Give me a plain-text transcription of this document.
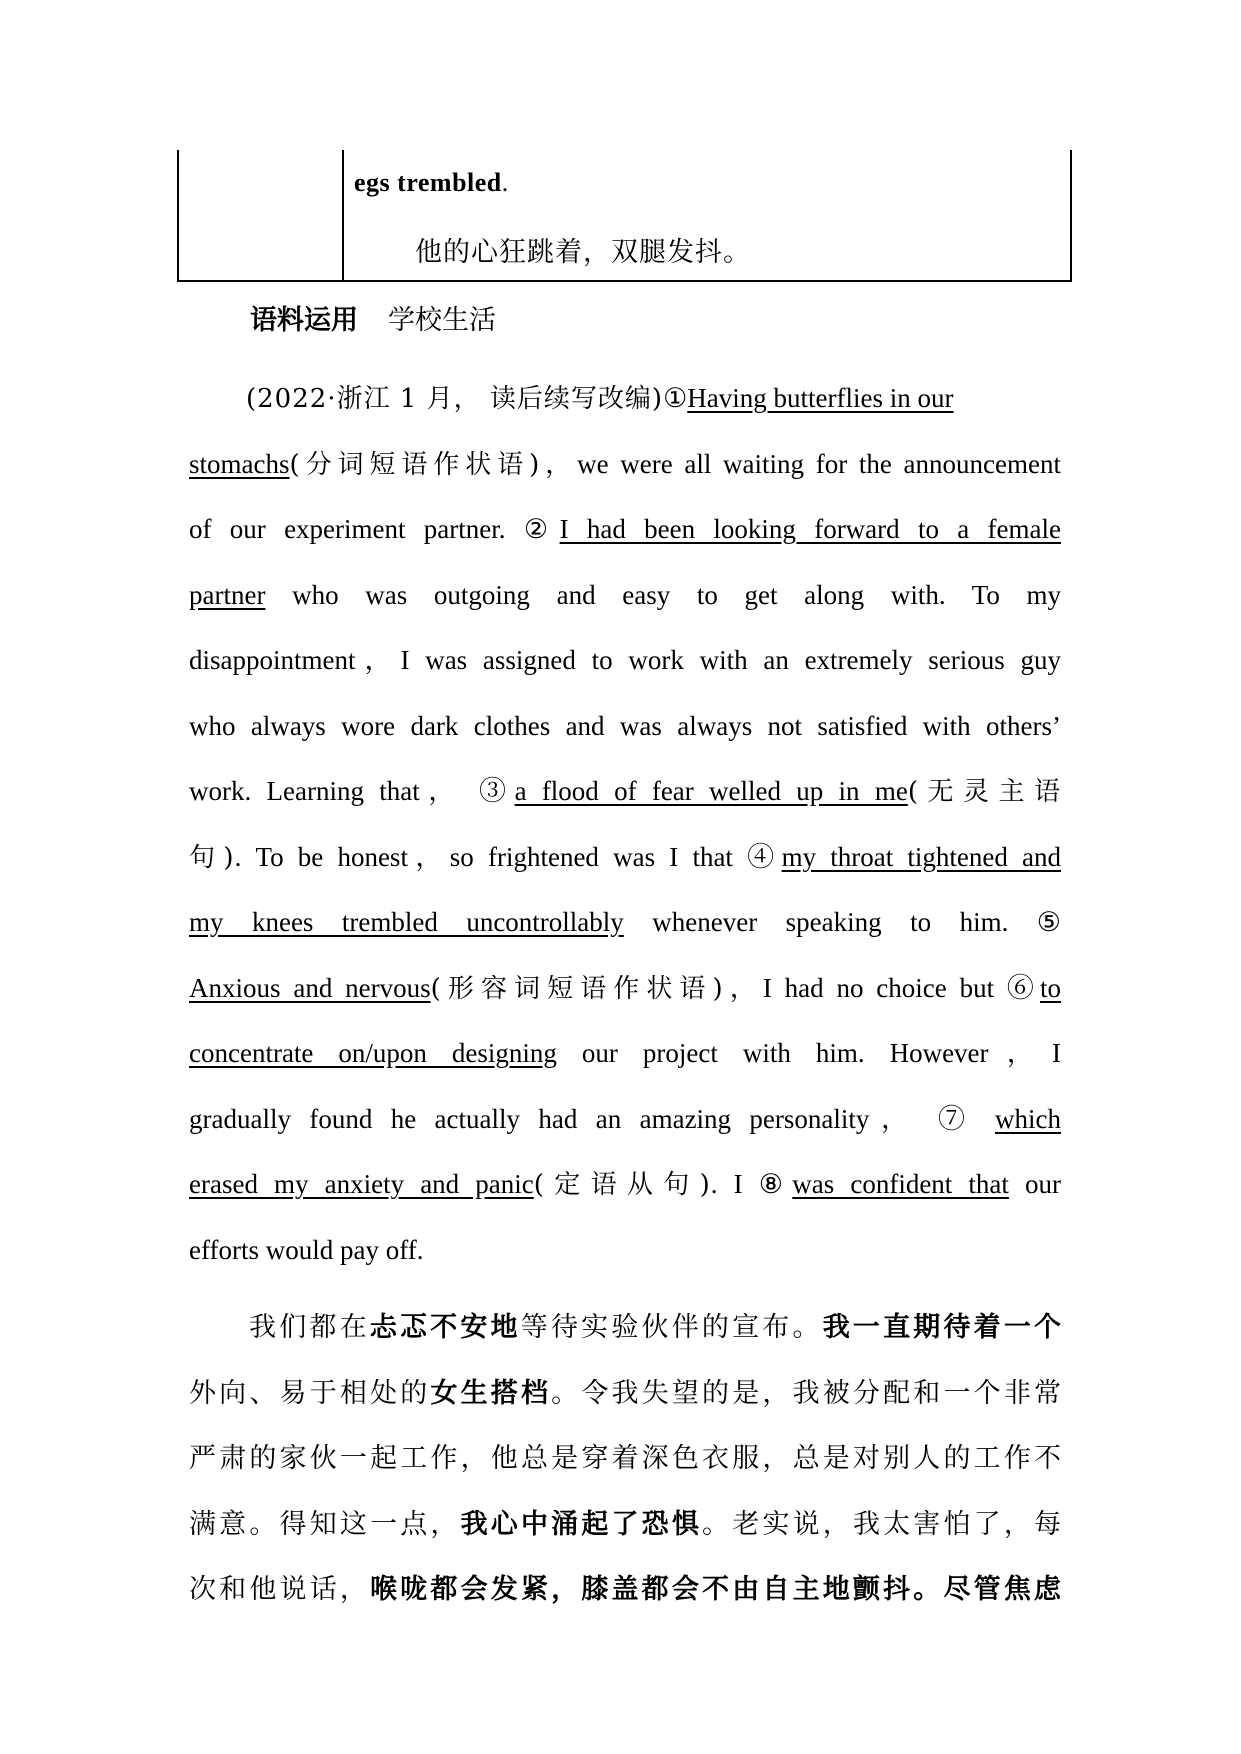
egs trembled.
他的心狂跳着，双腿发抖。
语料运用 学校生活
(2022·浙江 1 月， 读后续写改编)①Having butterflies in our
stomachs(分词短语作状语)，we were all waiting for the announcement
of our experiment partner. ②I had been looking forward to a female
partner who was outgoing and easy to get along with. To my
disappointment，I was assigned to work with an extremely serious guy
who always wore dark clothes and was always not satisfied with others’
work. Learning that， ③a flood of fear welled up in me(无灵主语
句). To be honest，so frightened was I that ④my throat tightened and
my knees trembled uncontrollably whenever speaking to him. ⑤
Anxious and nervous(形容词短语作状语)，I had no choice but ⑥to
concentrate on/upon designing our project with him. However，I
gradually found he actually had an amazing personality， ⑦ which
erased my anxiety and panic(定语从句). I ⑧was confident that our
efforts would pay off.
我们都在忐忑不安地等待实验伙伴的宣布。我一直期待着一个
外向、易于相处的女生搭档。令我失望的是，我被分配和一个非常
严肃的家伙一起工作，他总是穿着深色衣服，总是对别人的工作不
满意。得知这一点，我心中涌起了恐惧。老实说，我太害怕了，每
次和他说话，喉咙都会发紧，膝盖都会不由自主地颤抖。尽管焦虑
